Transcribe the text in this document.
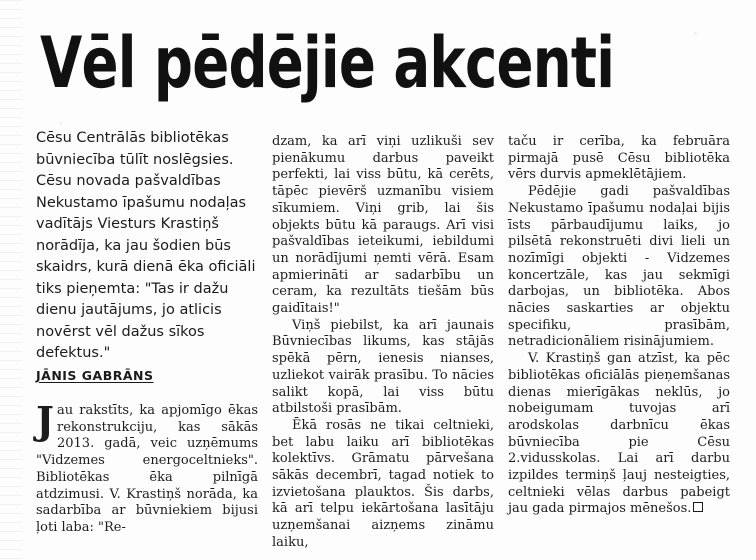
Vēl pēdējie akcenti

Cēsu Centrālās bibliotēkas būvniecība tūlīt noslēgsies. Cēsu novada pašvaldības Nekustamo īpašumu nodaļas vadītājs Viesturs Krastiņš norādīja, ka jau šodien būs skaidrs, kurā dienā ēka oficiāli tiks pieņemta: "Tas ir dažu dienu jautājums, jo atlicis novērst vēl dažus sīkos defektus."

JĀNIS GABRĀNS

Jau rakstīts, ka apjomīgo ēkas rekonstrukciju, kas sākās 2013. gadā, veic uzņēmums "Vidzemes energoceltnieks". Bibliotēkas ēka pilnīgā atdzimusi. V. Krastiņš norāda, ka sadarbība ar būvniekiem bijusi ļoti laba: "Re-

dzam, ka arī viņi uzlikuši sev pienākumu darbus paveikt perfekti, lai viss būtu, kā cerēts, tāpēc pievērš uzmanību visiem sīkumiem. Viņi grib, lai šis objekts būtu kā paraugs. Arī visi pašvaldības ieteikumi, iebildumi un norādījumi ņemti vērā. Esam apmierināti ar sadarbību un ceram, ka rezultāts tiešām būs gaidītais!"

Viņš piebilst, ka arī jaunais Būvniecības likums, kas stājās spēkā pērn, ienesis nianses, uzliekot vairāk prasību. To nācies salikt kopā, lai viss būtu atbilstoši prasībām.

Ēkā rosās ne tikai celtnieki, bet labu laiku arī bibliotēkas kolektīvs. Grāmatu pārvešana sākās decembrī, tagad notiek to izvietošana plauktos. Šis darbs, kā arī telpu iekārtošana lasītāju uzņemšanai aizņems zināmu laiku,

taču ir cerība, ka februāra pirmajā pusē Cēsu bibliotēka vērs durvis apmeklētājiem.

Pēdējie gadi pašvaldības Nekustamo īpašumu nodaļai bijis īsts pārbaudījumu laiks, jo pilsētā rekonstruēti divi lieli un nozīmīgi objekti - Vidzemes koncertzāle, kas jau sekmīgi darbojas, un bibliotēka. Abos nācies saskarties ar objektu specifiku, prasībām, netradicionāliem risinājumiem.

V. Krastiņš gan atzīst, ka pēc bibliotēkas oficiālās pieņemšanas dienas mierīgākas neklūs, jo nobeigumam tuvojas arī arodskolas darbnīcu ēkas būvniecība pie Cēsu 2.vidusskolas. Lai arī darbu izpildes termiņš ļauj nesteigties, celtnieki vēlas darbus pabeigt jau gada pirmajos mēnešos.
